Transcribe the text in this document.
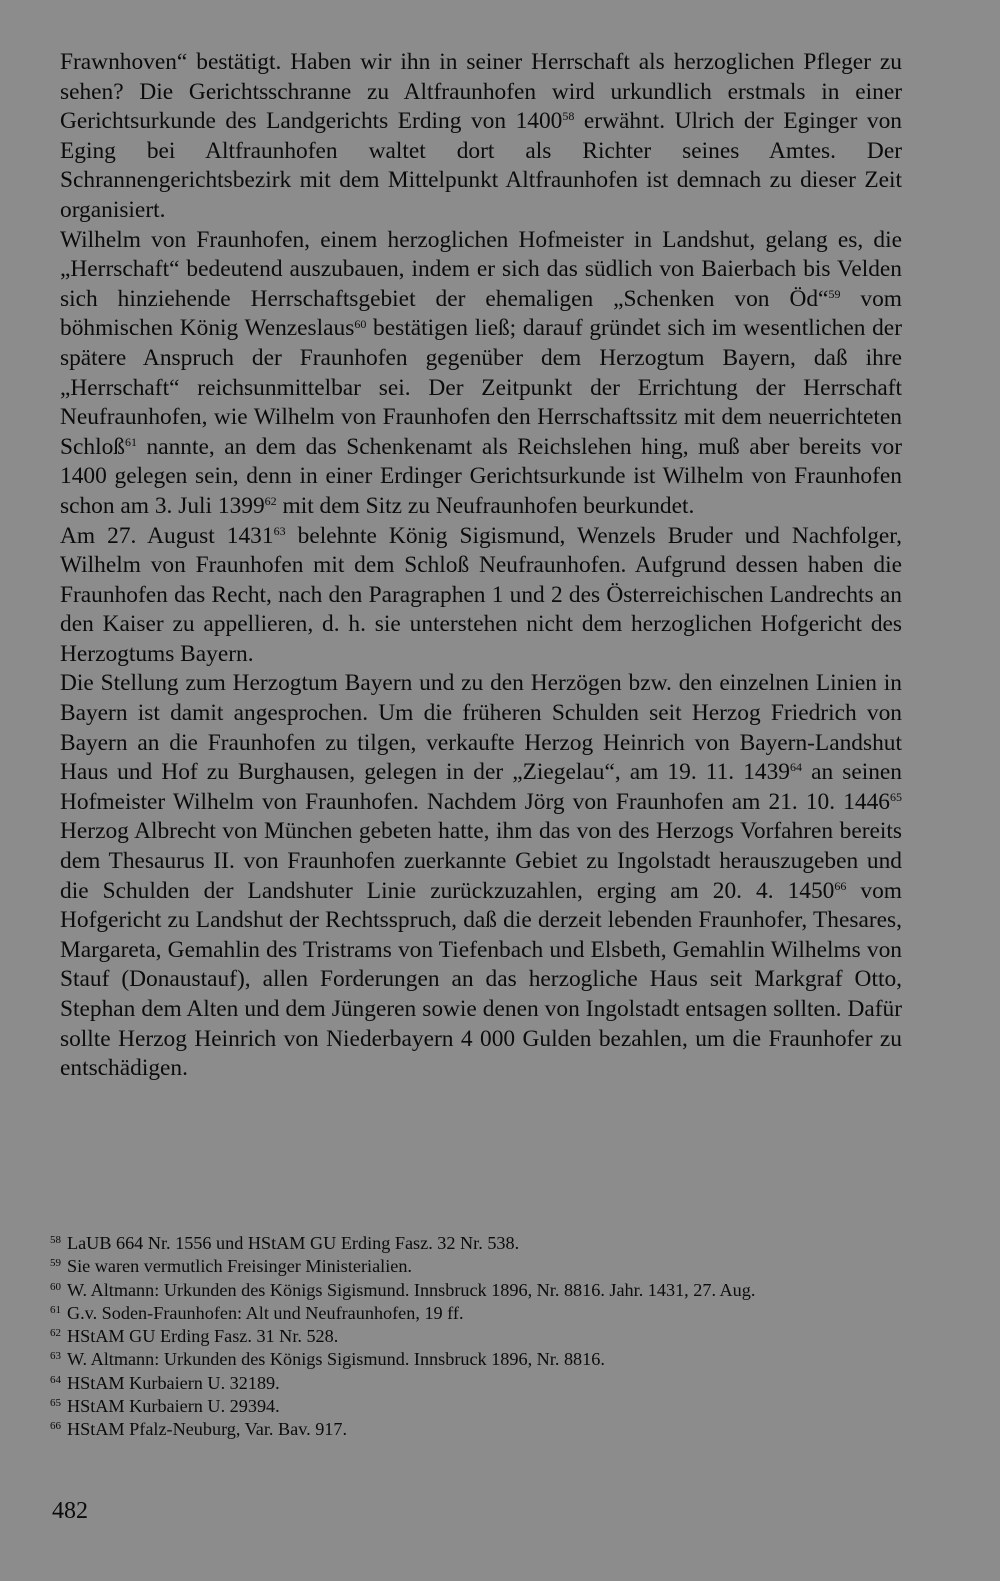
Frawnhoven“ bestätigt. Haben wir ihn in seiner Herrschaft als herzoglichen Pfleger zu sehen? Die Gerichtsschranne zu Altfraunhofen wird urkundlich erstmals in einer Gerichtsurkunde des Landgerichts Erding von 1400$^{58}$ erwähnt. Ulrich der Eginger von Eging bei Altfraunhofen waltet dort als Richter seines Amtes. Der Schrannengerichtsbezirk mit dem Mittelpunkt Altfraunhofen ist demnach zu dieser Zeit organisiert.

Wilhelm von Fraunhofen, einem herzoglichen Hofmeister in Landshut, gelang es, die „Herrschaft“ bedeutend auszubauen, indem er sich das südlich von Baierbach bis Velden sich hinziehende Herrschaftsgebiet der ehemaligen „Schenken von Öd“$^{59}$ vom böhmischen König Wenzeslaus$^{60}$ bestätigen ließ; darauf gründet sich im wesentlichen der spätere Anspruch der Fraunhofen gegenüber dem Herzogtum Bayern, daß ihre „Herrschaft“ reichsunmittelbar sei. Der Zeitpunkt der Errichtung der Herrschaft Neufraunhofen, wie Wilhelm von Fraunhofen den Herrschaftssitz mit dem neuerrichteten Schloß$^{61}$ nannte, an dem das Schenkenamt als Reichslehen hing, muß aber bereits vor 1400 gelegen sein, denn in einer Erdinger Gerichtsurkunde ist Wilhelm von Fraunhofen schon am 3. Juli 1399$^{62}$ mit dem Sitz zu Neufraunhofen beurkundet.

Am 27. August 1431$^{63}$ belehnte König Sigismund, Wenzels Bruder und Nachfolger, Wilhelm von Fraunhofen mit dem Schloß Neufraunhofen. Aufgrund dessen haben die Fraunhofen das Recht, nach den Paragraphen 1 und 2 des Österreichischen Landrechts an den Kaiser zu appellieren, d. h. sie unterstehen nicht dem herzoglichen Hofgericht des Herzogtums Bayern.

Die Stellung zum Herzogtum Bayern und zu den Herzögen bzw. den einzelnen Linien in Bayern ist damit angesprochen. Um die früheren Schulden seit Herzog Friedrich von Bayern an die Fraunhofen zu tilgen, verkaufte Herzog Heinrich von Bayern-Landshut Haus und Hof zu Burghausen, gelegen in der „Ziegelau“, am 19. 11. 1439$^{64}$ an seinen Hofmeister Wilhelm von Fraunhofen. Nachdem Jörg von Fraunhofen am 21. 10. 1446$^{65}$ Herzog Albrecht von München gebeten hatte, ihm das von des Herzogs Vorfahren bereits dem Thesaurus II. von Fraunhofen zuerkannte Gebiet zu Ingolstadt herauszugeben und die Schulden der Landshuter Linie zurückzuzahlen, erging am 20. 4. 1450$^{66}$ vom Hofgericht zu Landshut der Rechtsspruch, daß die derzeit lebenden Fraunhofer, Thesares, Margareta, Gemahlin des Tristrams von Tiefenbach und Elsbeth, Gemahlin Wilhelms von Stauf (Donaustauf), allen Forderungen an das herzogliche Haus seit Markgraf Otto, Stephan dem Alten und dem Jüngeren sowie denen von Ingolstadt entsagen sollten. Dafür sollte Herzog Heinrich von Niederbayern 4 000 Gulden bezahlen, um die Fraunhofer zu entschädigen.

$^{58}$ LaUB 664 Nr. 1556 und HStAM GU Erding Fasz. 32 Nr. 538.

$^{59}$ Sie waren vermutlich Freisinger Ministerialien.

$^{60}$ W. Altmann: Urkunden des Königs Sigismund. Innsbruck 1896, Nr. 8816. Jahr. 1431, 27. Aug.

$^{61}$ G.v. Soden-Fraunhofen: Alt und Neufraunhofen, 19 ff.

$^{62}$ HStAM GU Erding Fasz. 31 Nr. 528.

$^{63}$ W. Altmann: Urkunden des Königs Sigismund. Innsbruck 1896, Nr. 8816.

$^{64}$ HStAM Kurbaiern U. 32189.

$^{65}$ HStAM Kurbaiern U. 29394.

$^{66}$ HStAM Pfalz-Neuburg, Var. Bav. 917.

482
